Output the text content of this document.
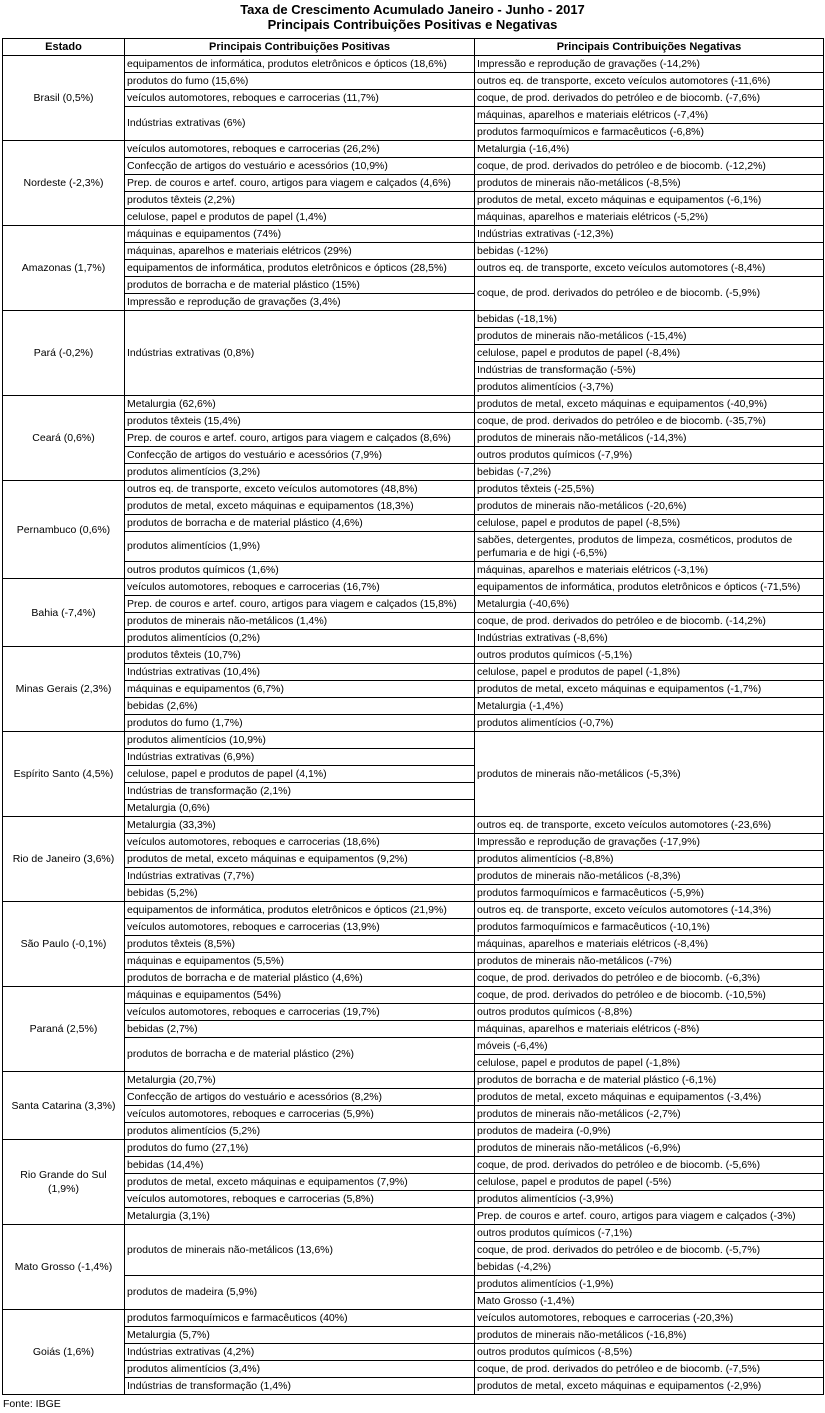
Taxa de Crescimento Acumulado Janeiro - Junho - 2017
Principais Contribuições Positivas e Negativas
Estado	Principais Contribuições Positivas	Principais Contribuições Negativas
Brasil (0,5%)	equipamentos de informática, produtos eletrônicos e ópticos (18,6%)	Impressão e reprodução de gravações (-14,2%)
	produtos do fumo (15,6%)	outros eq. de transporte, exceto veículos automotores (-11,6%)
	veículos automotores, reboques e carrocerias (11,7%)	coque, de prod. derivados do petróleo e de biocomb. (-7,6%)
	Indústrias extrativas (6%)	máquinas, aparelhos e materiais elétricos (-7,4%)
		produtos farmoquímicos e farmacêuticos (-6,8%)
Nordeste (-2,3%)	veículos automotores, reboques e carrocerias (26,2%)	Metalurgia (-16,4%)
	Confecção de artigos do vestuário e acessórios (10,9%)	coque, de prod. derivados do petróleo e de biocomb. (-12,2%)
	Prep. de couros e artef. couro, artigos para viagem e calçados (4,6%)	produtos de minerais não-metálicos (-8,5%)
	produtos têxteis (2,2%)	produtos de metal, exceto máquinas e equipamentos (-6,1%)
	celulose, papel e produtos de papel (1,4%)	máquinas, aparelhos e materiais elétricos (-5,2%)
Amazonas (1,7%)	máquinas e equipamentos (74%)	Indústrias extrativas (-12,3%)
	máquinas, aparelhos e materiais elétricos (29%)	bebidas (-12%)
	equipamentos de informática, produtos eletrônicos e ópticos (28,5%)	outros eq. de transporte, exceto veículos automotores (-8,4%)
	produtos de borracha e de material plástico (15%)	coque, de prod. derivados do petróleo e de biocomb. (-5,9%)
	Impressão e reprodução de gravações (3,4%)	
Pará (-0,2%)	Indústrias extrativas (0,8%)	bebidas (-18,1%)
		produtos de minerais não-metálicos (-15,4%)
		celulose, papel e produtos de papel (-8,4%)
		Indústrias de transformação (-5%)
		produtos alimentícios (-3,7%)
Ceará (0,6%)	Metalurgia (62,6%)	produtos de metal, exceto máquinas e equipamentos (-40,9%)
	produtos têxteis (15,4%)	coque, de prod. derivados do petróleo e de biocomb. (-35,7%)
	Prep. de couros e artef. couro, artigos para viagem e calçados (8,6%)	produtos de minerais não-metálicos (-14,3%)
	Confecção de artigos do vestuário e acessórios (7,9%)	outros produtos químicos (-7,9%)
	produtos alimentícios (3,2%)	bebidas (-7,2%)
Pernambuco (0,6%)	outros eq. de transporte, exceto veículos automotores (48,8%)	produtos têxteis (-25,5%)
	produtos de metal, exceto máquinas e equipamentos (18,3%)	produtos de minerais não-metálicos (-20,6%)
	produtos de borracha e de material plástico (4,6%)	celulose, papel e produtos de papel (-8,5%)
	produtos alimentícios (1,9%)	sabões, detergentes, produtos de limpeza, cosméticos, produtos de perfumaria e de higi (-6,5%)
	outros produtos químicos (1,6%)	máquinas, aparelhos e materiais elétricos (-3,1%)
Bahia (-7,4%)	veículos automotores, reboques e carrocerias (16,7%)	equipamentos de informática, produtos eletrônicos e ópticos (-71,5%)
	Prep. de couros e artef. couro, artigos para viagem e calçados (15,8%)	Metalurgia (-40,6%)
	produtos de minerais não-metálicos (1,4%)	coque, de prod. derivados do petróleo e de biocomb. (-14,2%)
	produtos alimentícios (0,2%)	Indústrias extrativas (-8,6%)
Minas Gerais (2,3%)	produtos têxteis (10,7%)	outros produtos químicos (-5,1%)
	Indústrias extrativas (10,4%)	celulose, papel e produtos de papel (-1,8%)
	máquinas e equipamentos (6,7%)	produtos de metal, exceto máquinas e equipamentos (-1,7%)
	bebidas (2,6%)	Metalurgia (-1,4%)
	produtos do fumo (1,7%)	produtos alimentícios (-0,7%)
Espírito Santo (4,5%)	produtos alimentícios (10,9%)	produtos de minerais não-metálicos (-5,3%)
	Indústrias extrativas (6,9%)	
	celulose, papel e produtos de papel (4,1%)	
	Indústrias de transformação (2,1%)	
	Metalurgia (0,6%)	
Rio de Janeiro (3,6%)	Metalurgia (33,3%)	outros eq. de transporte, exceto veículos automotores (-23,6%)
	veículos automotores, reboques e carrocerias (18,6%)	Impressão e reprodução de gravações (-17,9%)
	produtos de metal, exceto máquinas e equipamentos (9,2%)	produtos alimentícios (-8,8%)
	Indústrias extrativas (7,7%)	produtos de minerais não-metálicos (-8,3%)
	bebidas (5,2%)	produtos farmoquímicos e farmacêuticos (-5,9%)
São Paulo (-0,1%)	equipamentos de informática, produtos eletrônicos e ópticos (21,9%)	outros eq. de transporte, exceto veículos automotores (-14,3%)
	veículos automotores, reboques e carrocerias (13,9%)	produtos farmoquímicos e farmacêuticos (-10,1%)
	produtos têxteis (8,5%)	máquinas, aparelhos e materiais elétricos (-8,4%)
	máquinas e equipamentos (5,5%)	produtos de minerais não-metálicos (-7%)
	produtos de borracha e de material plástico (4,6%)	coque, de prod. derivados do petróleo e de biocomb. (-6,3%)
Paraná (2,5%)	máquinas e equipamentos (54%)	coque, de prod. derivados do petróleo e de biocomb. (-10,5%)
	veículos automotores, reboques e carrocerias (19,7%)	outros produtos químicos (-8,8%)
	bebidas (2,7%)	máquinas, aparelhos e materiais elétricos (-8%)
	produtos de borracha e de material plástico (2%)	móveis (-6,4%)
		celulose, papel e produtos de papel (-1,8%)
Santa Catarina (3,3%)	Metalurgia (20,7%)	produtos de borracha e de material plástico (-6,1%)
	Confecção de artigos do vestuário e acessórios (8,2%)	produtos de metal, exceto máquinas e equipamentos (-3,4%)
	veículos automotores, reboques e carrocerias (5,9%)	produtos de minerais não-metálicos (-2,7%)
	produtos alimentícios (5,2%)	produtos de madeira (-0,9%)
Rio Grande do Sul (1,9%)	produtos do fumo (27,1%)	produtos de minerais não-metálicos (-6,9%)
	bebidas (14,4%)	coque, de prod. derivados do petróleo e de biocomb. (-5,6%)
	produtos de metal, exceto máquinas e equipamentos (7,9%)	celulose, papel e produtos de papel (-5%)
	veículos automotores, reboques e carrocerias (5,8%)	produtos alimentícios (-3,9%)
	Metalurgia (3,1%)	Prep. de couros e artef. couro, artigos para viagem e calçados (-3%)
Mato Grosso (-1,4%)	produtos de minerais não-metálicos (13,6%)	outros produtos químicos (-7,1%)
		coque, de prod. derivados do petróleo e de biocomb. (-5,7%)
		bebidas (-4,2%)
	produtos de madeira (5,9%)	produtos alimentícios (-1,9%)
		Mato Grosso (-1,4%)
Goiás (1,6%)	produtos farmoquímicos e farmacêuticos (40%)	veículos automotores, reboques e carrocerias (-20,3%)
	Metalurgia (5,7%)	produtos de minerais não-metálicos (-16,8%)
	Indústrias extrativas (4,2%)	outros produtos químicos (-8,5%)
	produtos alimentícios (3,4%)	coque, de prod. derivados do petróleo e de biocomb. (-7,5%)
	Indústrias de transformação (1,4%)	produtos de metal, exceto máquinas e equipamentos (-2,9%)
Fonte: IBGE
